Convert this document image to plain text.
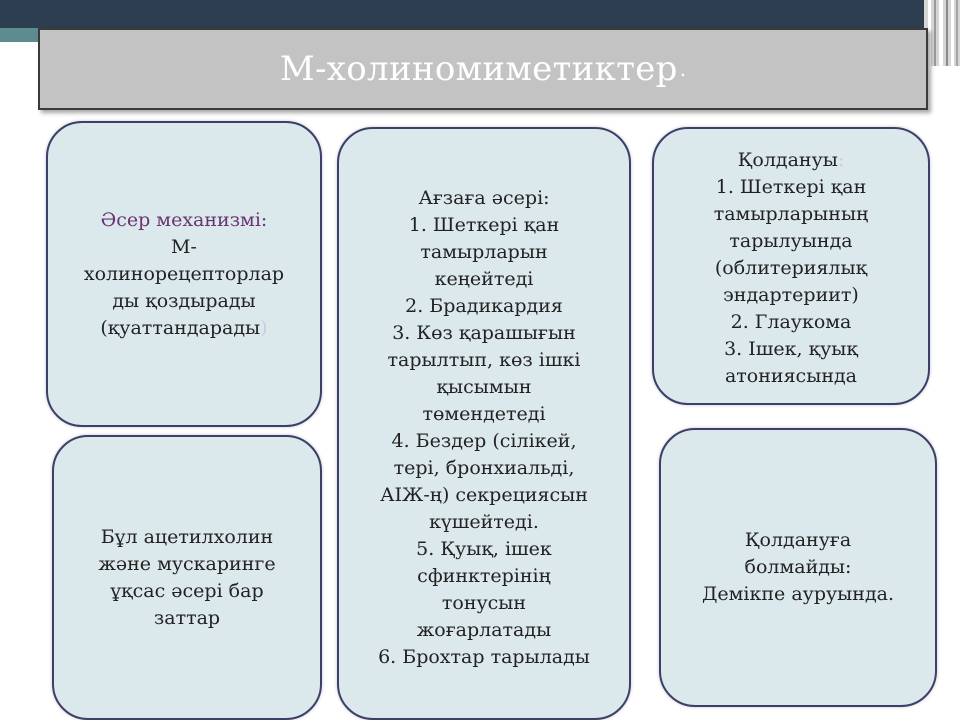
М-холиномиметиктер .

Әсер механизмі:

М-

холинорецепторлар

ды қоздырады

(қуаттандарады)

Ағзаға әсері:

1. Шеткері қан

тамырларын

кеңейтеді

2. Брадикардия

3. Көз қарашығын

тарылтып, көз ішкі

қысымын

төмендетеді

4. Бездер (сілікей,

тері, бронхиальді,

АІЖ-ң) секрециясын

күшейтеді.

5. Қуық, ішек

сфинктерінің

тонусын

жоғарлатады

6. Брохтар тарылады

Қолдануы:

1. Шеткері қан

тамырларының

тарылуында

(облитериялық

эндартериит)

2. Глаукома

3. Ішек, қуық

атониясында

Бұл ацетилхолин

және мускаринге

ұқсас әсері бар

заттар

Қолдануға

болмайды:

Демікпе ауруында.
